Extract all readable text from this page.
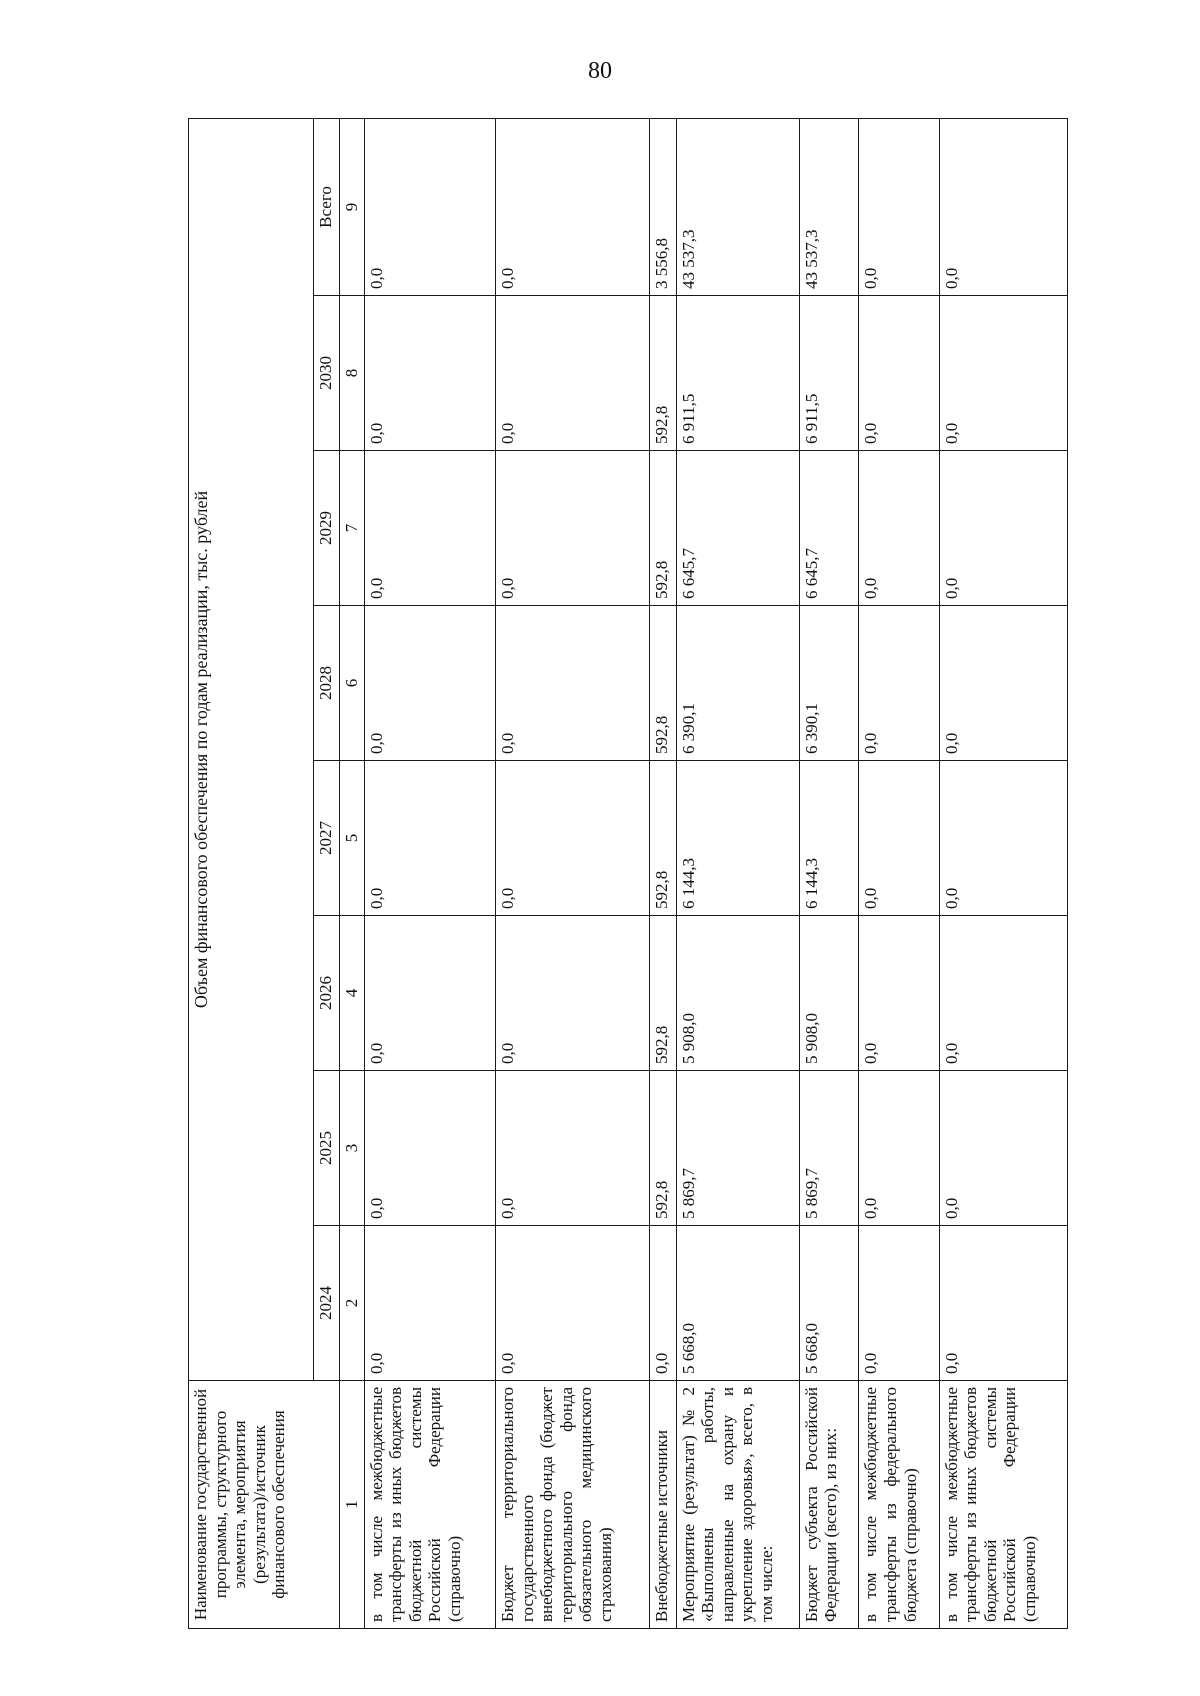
80
Наименование государственной программы, структурного элемента, мероприятия (результата)/источник финансового обеспечения	Объем финансового обеспечения по годам реализации, тыс. рублей							
	2024	2025	2026	2027	2028	2029	2030	Всего
1	2	3	4	5	6	7	8	9
в том числе межбюджетные трансферты из иных бюджетов бюджетной системы Российской Федерации (справочно)	0,0	0,0	0,0	0,0	0,0	0,0	0,0	0,0
Бюджет территориального государственного внебюджетного фонда (бюджет территориального фонда обязательного медицинского страхования)	0,0	0,0	0,0	0,0	0,0	0,0	0,0	0,0
Внебюджетные источники	0,0	592,8	592,8	592,8	592,8	592,8	592,8	3 556,8
Мероприятие (результат) № 2 «Выполнены работы, направленные на охрану и укрепление здоровья», всего, в том числе:	5 668,0	5 869,7	5 908,0	6 144,3	6 390,1	6 645,7	6 911,5	43 537,3
Бюджет субъекта Российской Федерации (всего), из них:	5 668,0	5 869,7	5 908,0	6 144,3	6 390,1	6 645,7	6 911,5	43 537,3
в том числе межбюджетные трансферты из федерального бюджета (справочно)	0,0	0,0	0,0	0,0	0,0	0,0	0,0	0,0
в том числе межбюджетные трансферты из иных бюджетов бюджетной системы Российской Федерации (справочно)	0,0	0,0	0,0	0,0	0,0	0,0	0,0	0,0
